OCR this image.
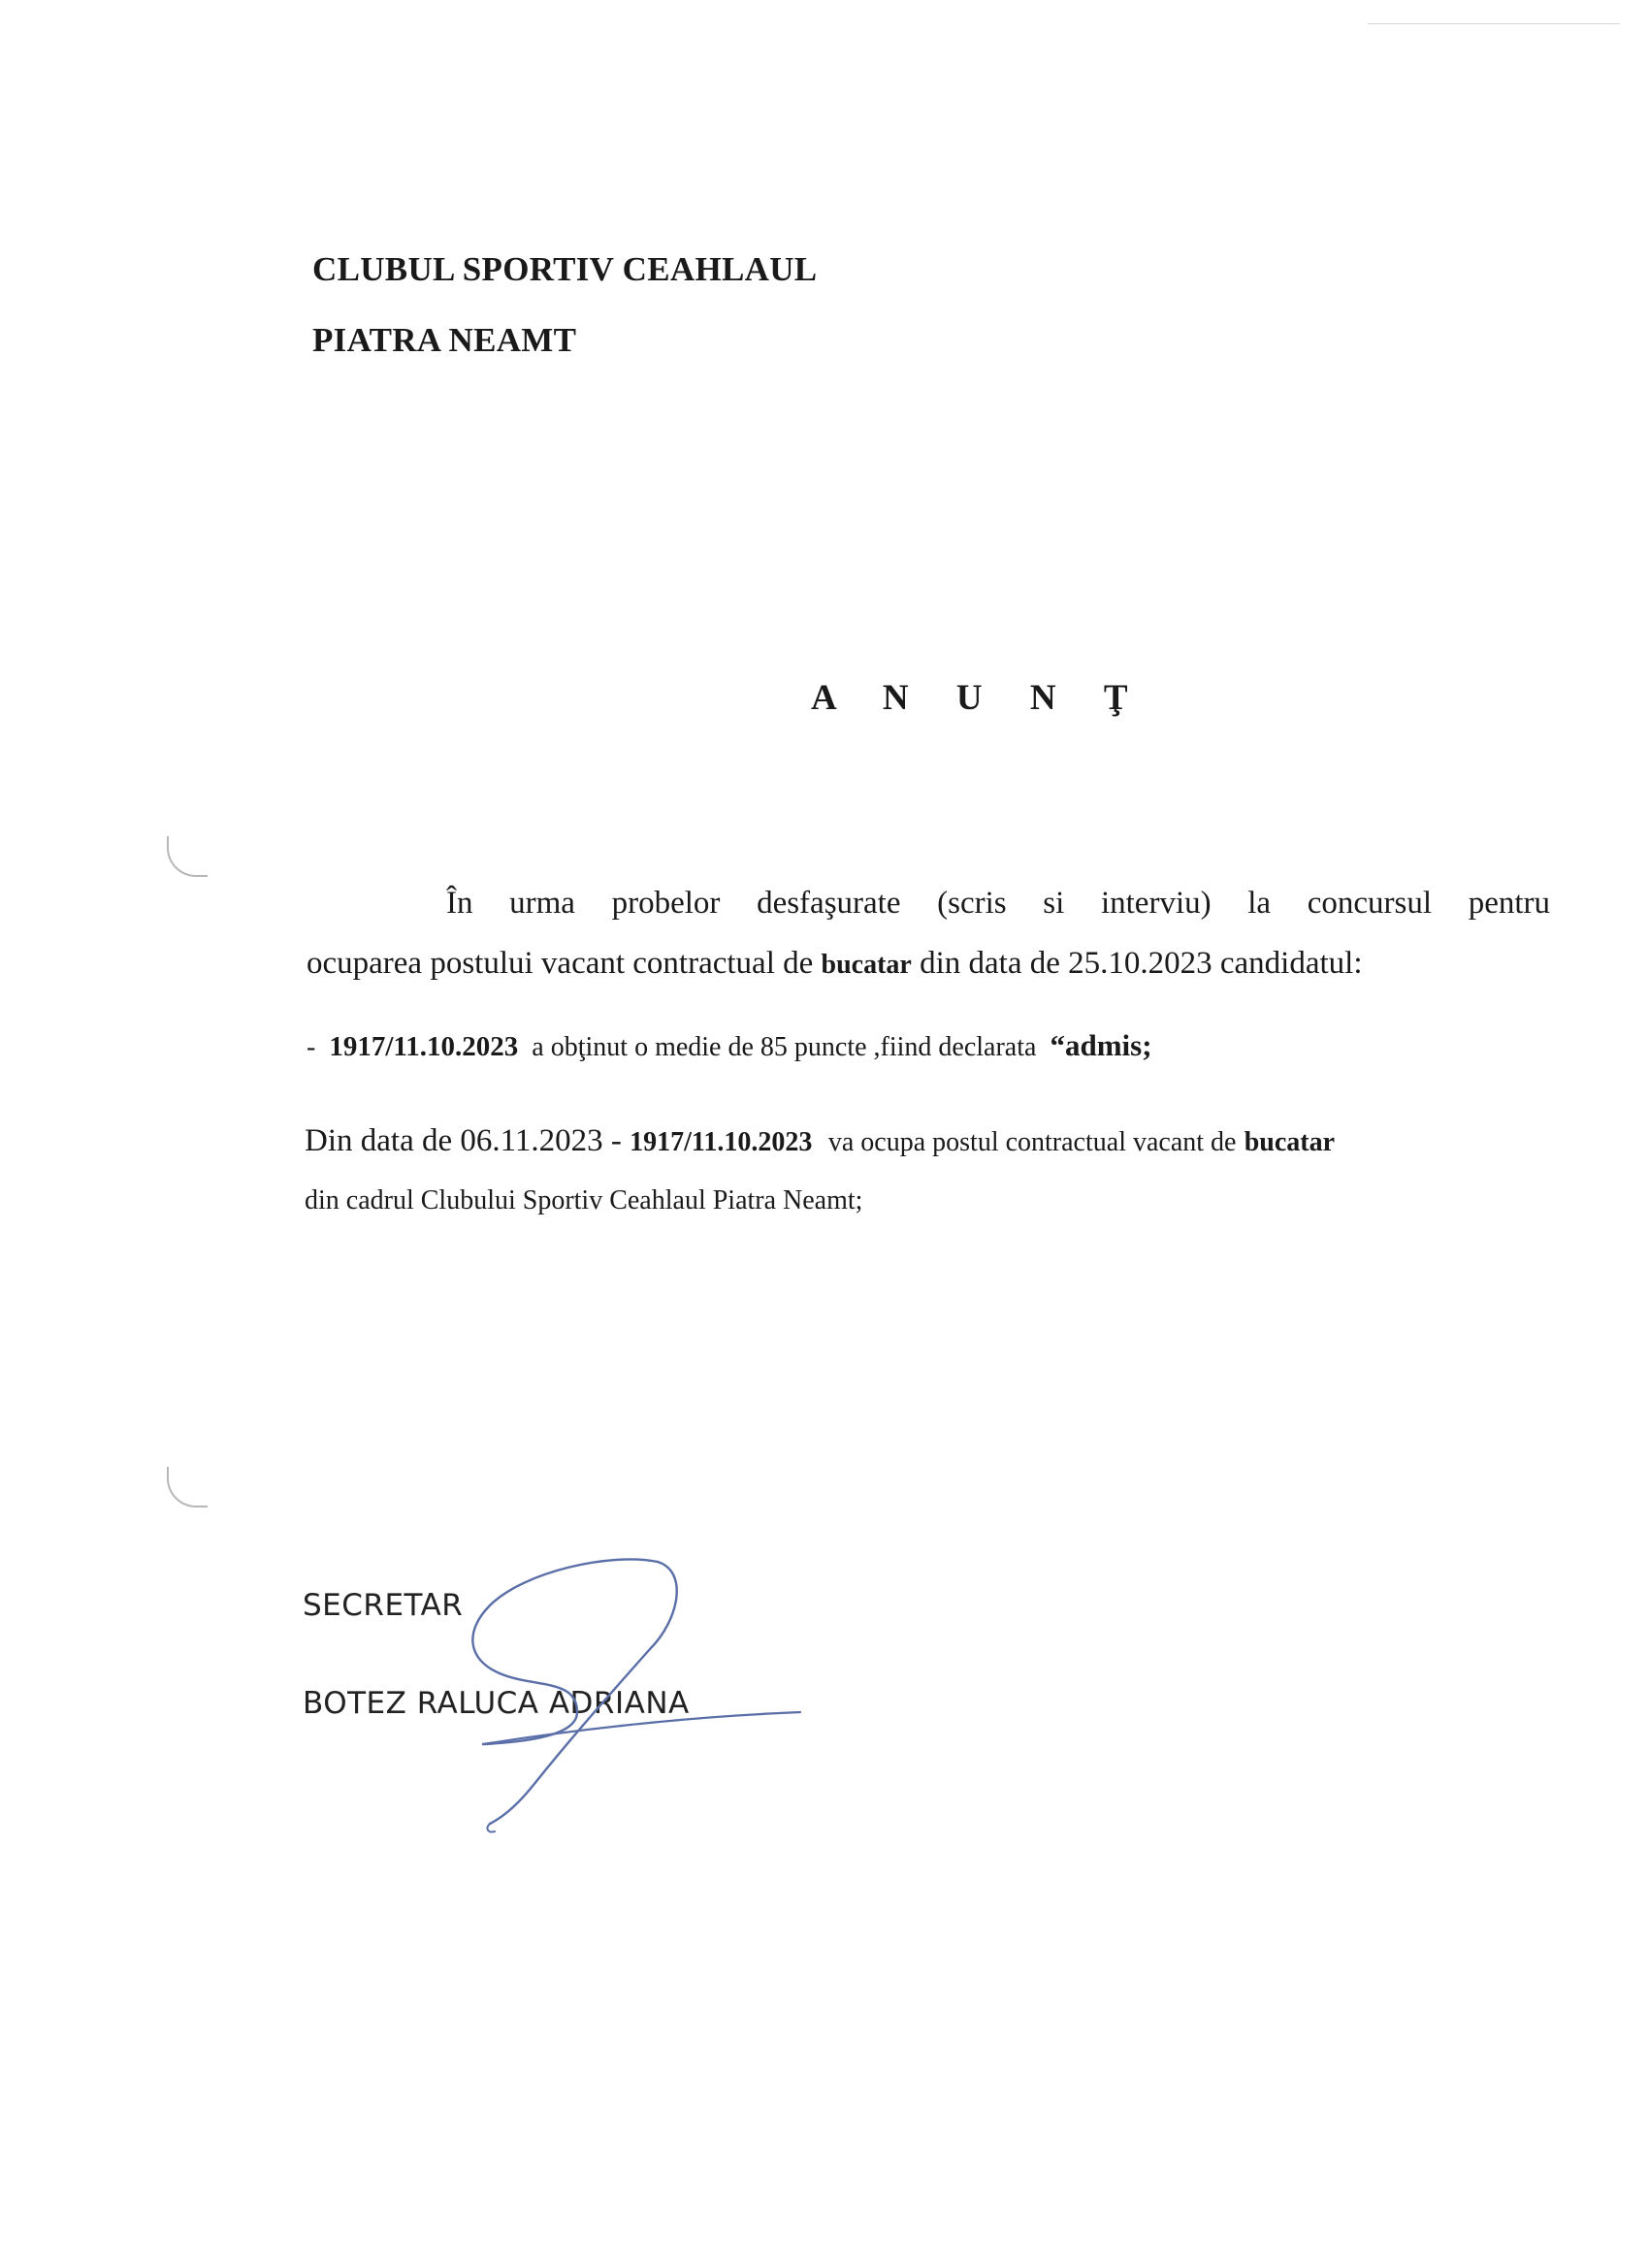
CLUBUL SPORTIV CEAHLAUL
PIATRA NEAMT
A N U N Ţ
În urma probelor desfaşurate (scris si interviu) la concursul pentru
ocuparea postului vacant contractual de bucatar din data de 25.10.2023 candidatul:
- 1917/11.10.2023 a obţinut o medie de 85 puncte ,fiind declarata “admis;
Din data de 06.11.2023 - 1917/11.10.2023 va ocupa postul contractual vacant de bucatar
din cadrul Clubului Sportiv Ceahlaul Piatra Neamt;
SECRETAR
BOTEZ RALUCA ADRIANA
